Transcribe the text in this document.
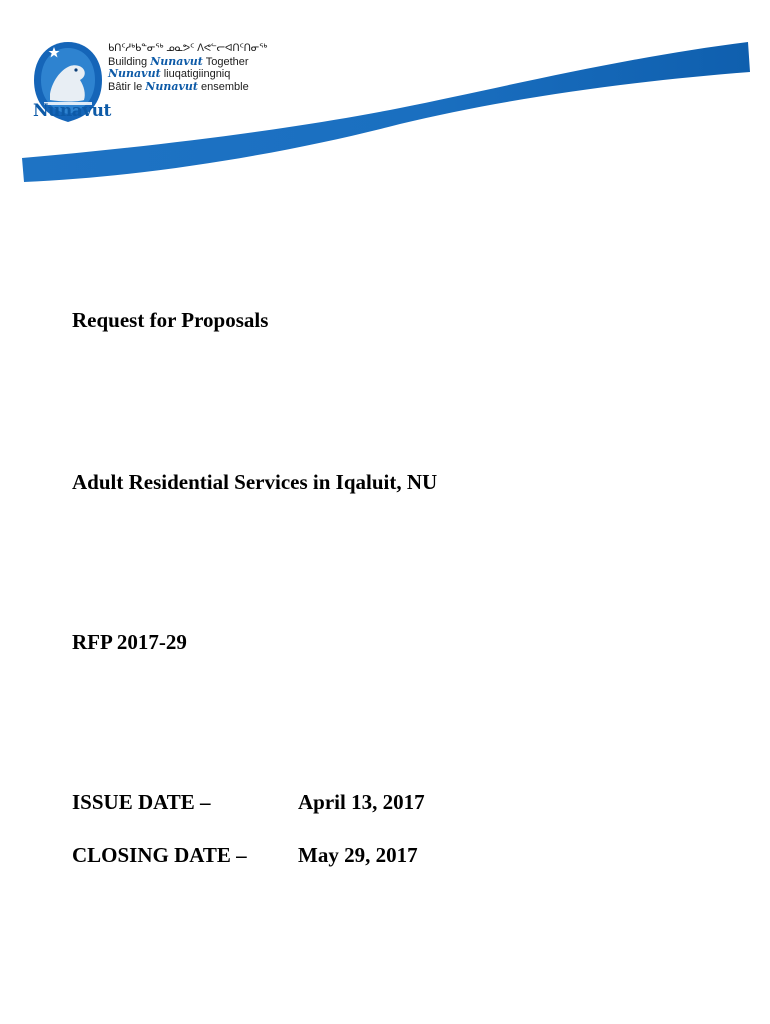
ᑲᑎᑦᓱᒃᑲᓐᓂᖅ ᓄᓇᕗᑦ ᐱᕙᓪᓕᐊᑎᑦᑎᓂᖅ
Building Nunavut Together
Nunavut liuqatigiingniq
Bâtir le Nunavut ensemble
Nunavut
Request for Proposals
Adult Residential Services in Iqaluit, NU
RFP 2017-29
ISSUE DATE –	April 13, 2017
CLOSING DATE – May 29, 2017
